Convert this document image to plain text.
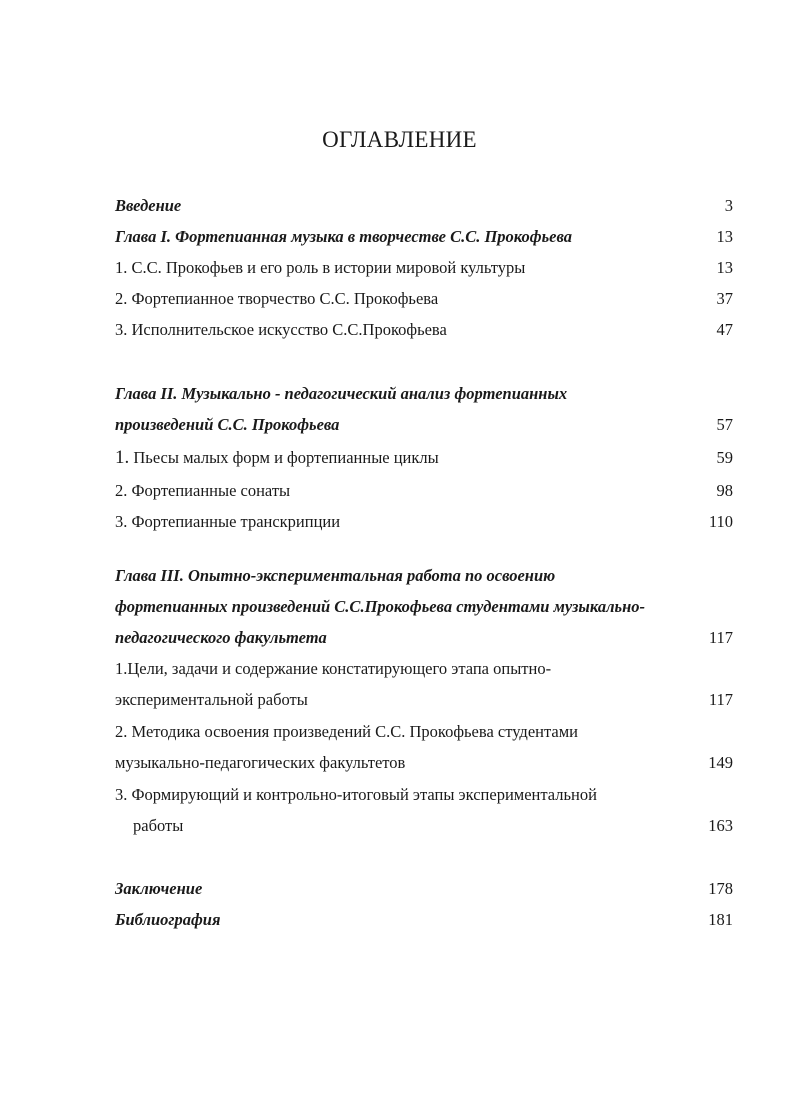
ОГЛАВЛЕНИЕ
Введение	3
Глава I. Фортепианная музыка в творчестве С.С. Прокофьева	13
1. С.С. Прокофьев и его роль в истории мировой культуры	13
2. Фортепианное творчество С.С. Прокофьева	37
3. Исполнительское искусство С.С.Прокофьева	47
Глава II. Музыкально - педагогический анализ фортепианных
произведений С.С. Прокофьева	57
1. Пьесы малых форм и фортепианные циклы	59
2. Фортепианные сонаты	98
3. Фортепианные транскрипции	110
Глава III. Опытно-экспериментальная работа по освоению
фортепианных произведений С.С.Прокофьева студентами музыкально-
педагогического факультета	117
1.Цели, задачи и содержание констатирующего этапа опытно-
экспериментальной работы	117
2. Методика освоения произведений С.С. Прокофьева студентами
музыкально-педагогических факультетов	149
3. Формирующий и контрольно-итоговый этапы экспериментальной
работы	163
Заключение	178
Библиография	181
